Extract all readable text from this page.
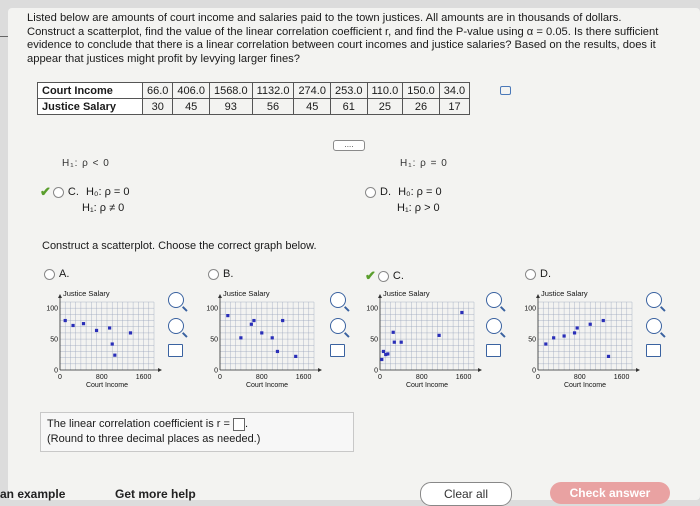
Listed below are amounts of court income and salaries paid to the town justices. All amounts are in thousands of dollars. Construct a scatterplot, find the value of the linear correlation coefficient r, and find the P-value using α = 0.05. Is there sufficient evidence to conclude that there is a linear correlation between court incomes and justice salaries? Based on the results, does it appear that justices might profit by levying larger fines?
Court Income	66.0	406.0	1568.0	1132.0	274.0	253.0	110.0	150.0	34.0
Justice Salary	30	45	93	56	45	61	25	26	17
....
H₁: ρ < 0	H₁: ρ = 0
✔ C. H₀: ρ = 0
H₁: ρ ≠ 0
D. H₀: ρ = 0
H₁: ρ > 0
Construct a scatterplot. Choose the correct graph below.
A.	B.	✔ C.	D.
Justice Salary
100
50
0
0	800	1600
Court Income
Justice Salary
100
50
0
0	800	1600
Court Income
Justice Salary
100
50
0
0	800	1600
Court Income
Justice Salary
100
50
0
0	800	1600
Court Income
The linear correlation coefficient is r = .
(Round to three decimal places as needed.)
an example	Get more help	Clear all	Check answer
